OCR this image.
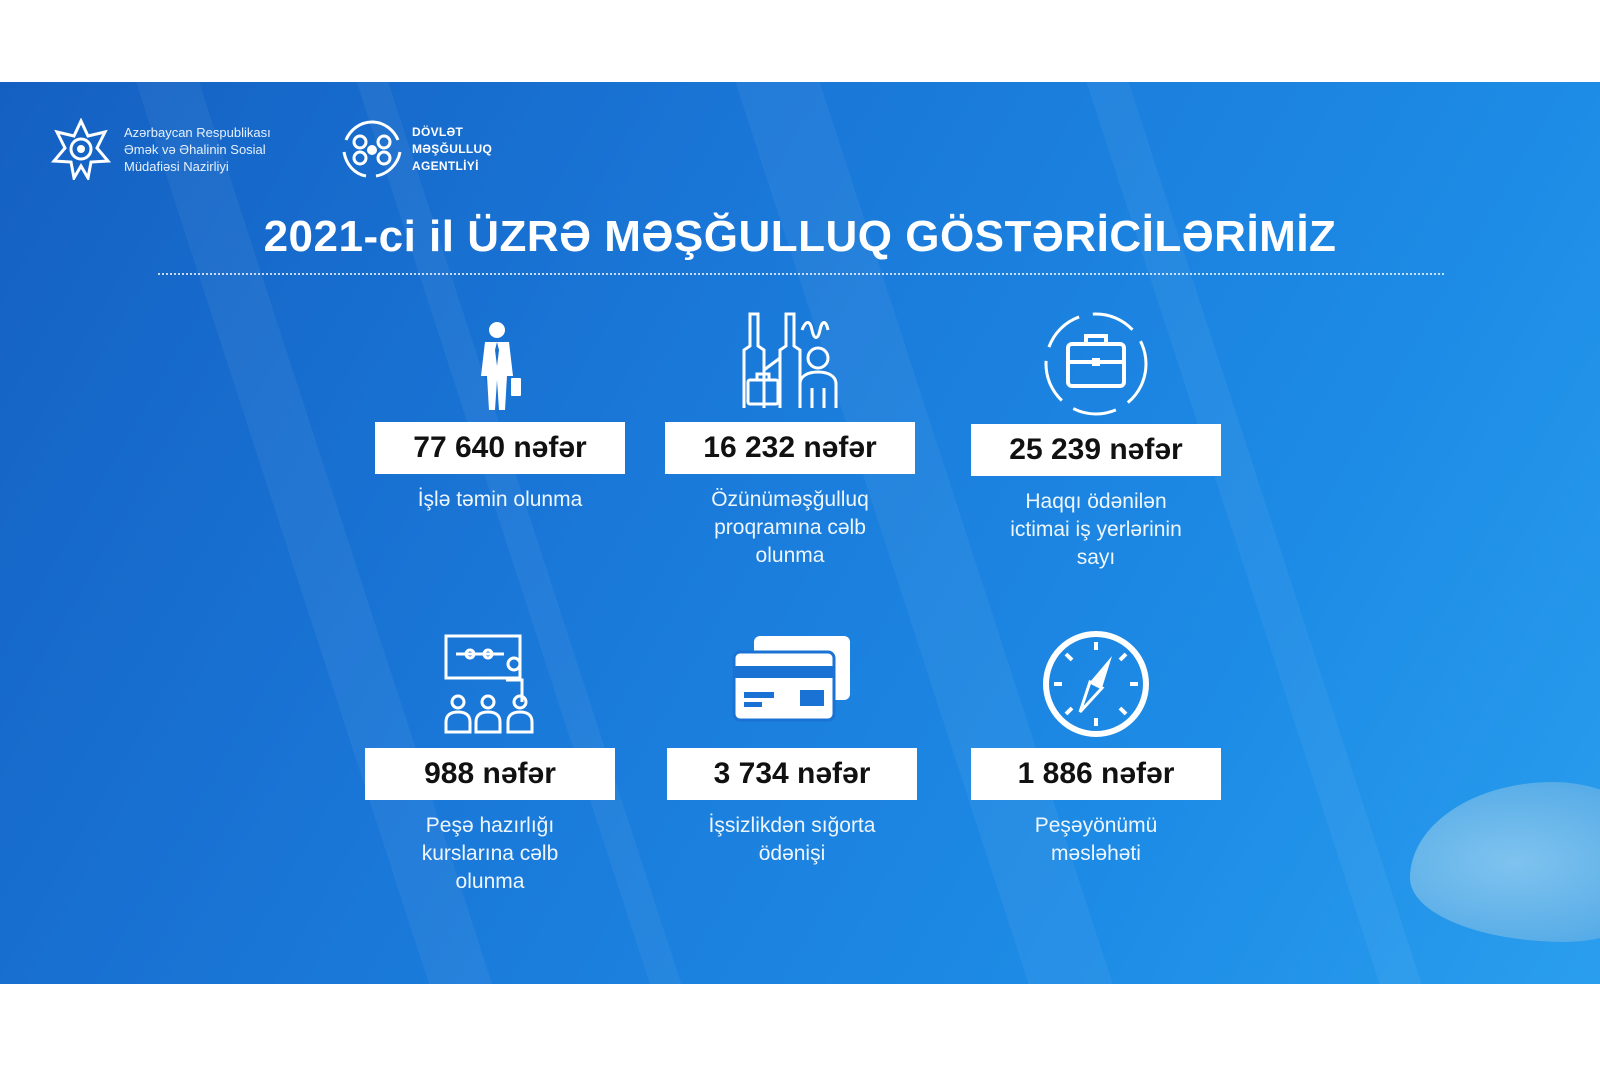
Azərbaycan Respublikası
Əmək və Əhalinin Sosial
Müdafiəsi Nazirliyi
DÖVLƏT
MƏŞĞULLUQ
AGENTLİYİ
2021-ci il ÜZRƏ MƏŞĞULLUQ GÖSTƏRİCİLƏRİMİZ
77 640 nəfər
İşlə təmin olunma
16 232 nəfər
Özünüməşğulluq
proqramına cəlb
olunma
25 239 nəfər
Haqqı ödənilən
ictimai iş yerlərinin
sayı
988 nəfər
Peşə hazırlığı
kurslarına cəlb
olunma
3 734 nəfər
İşsizlikdən sığorta
ödənişi
1 886 nəfər
Peşəyönümü
məsləhəti
